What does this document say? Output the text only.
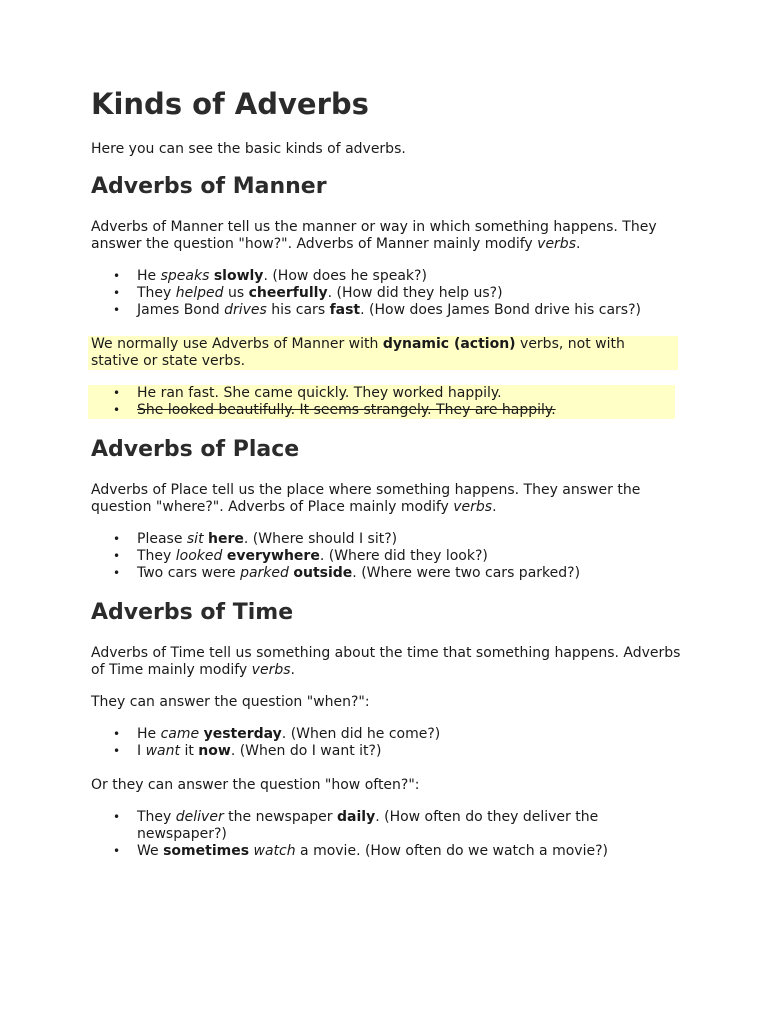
Kinds of Adverbs

Here you can see the basic kinds of adverbs.

Adverbs of Manner

Adverbs of Manner tell us the manner or way in which something happens. They answer the question "how?". Adverbs of Manner mainly modify verbs.

• He speaks slowly. (How does he speak?)
• They helped us cheerfully. (How did they help us?)
• James Bond drives his cars fast. (How does James Bond drive his cars?)

We normally use Adverbs of Manner with dynamic (action) verbs, not with stative or state verbs.

• He ran fast. She came quickly. They worked happily.
• She looked beautifully. It seems strangely. They are happily.
Adverbs of Place

Adverbs of Place tell us the place where something happens. They answer the question "where?". Adverbs of Place mainly modify verbs.

• Please sit here. (Where should I sit?)
• They looked everywhere. (Where did they look?)
• Two cars were parked outside. (Where were two cars parked?)
Adverbs of Time

Adverbs of Time tell us something about the time that something happens. Adverbs of Time mainly modify verbs.

They can answer the question "when?":

• He came yesterday. (When did he come?)
• I want it now. (When do I want it?)

Or they can answer the question "how often?":

• They deliver the newspaper daily. (How often do they deliver the newspaper?)
• We sometimes watch a movie. (How often do we watch a movie?)
